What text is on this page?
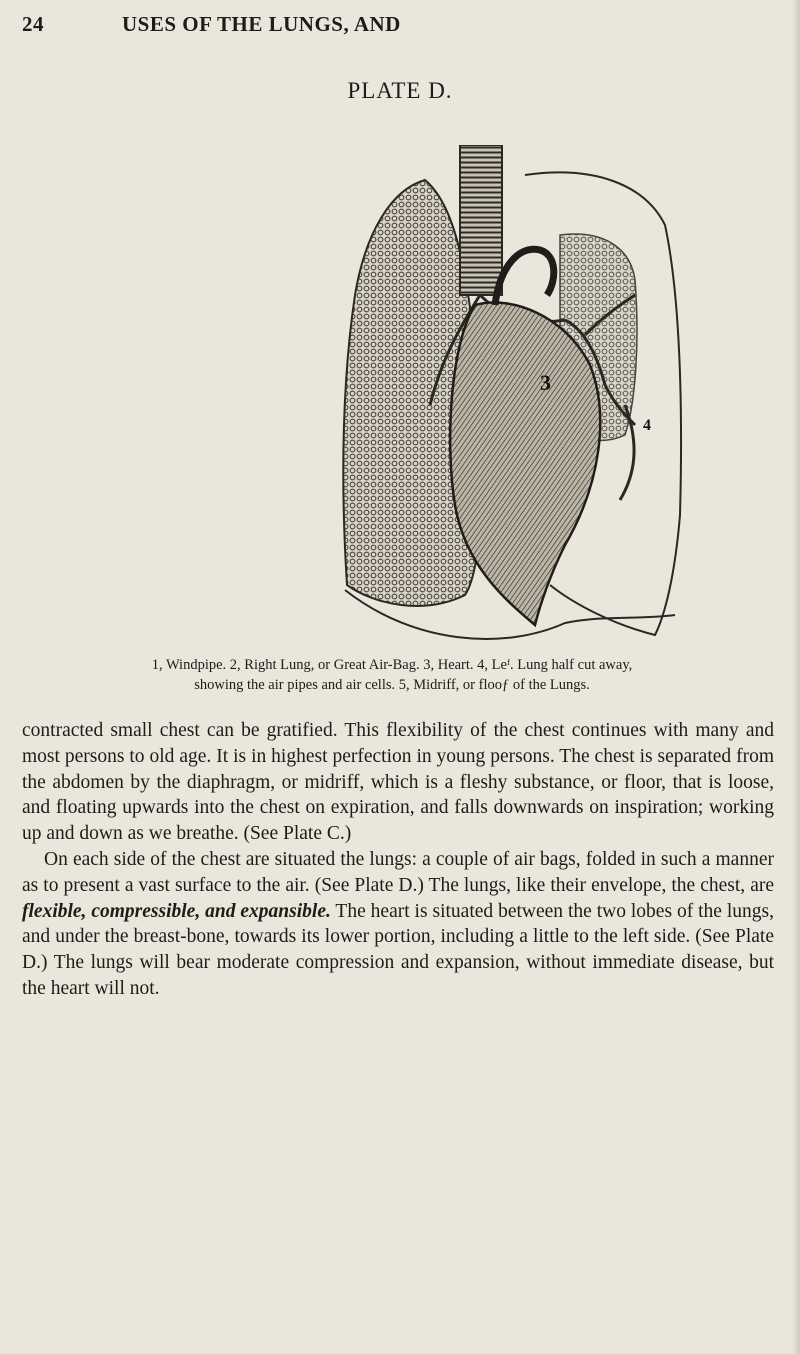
24	USES OF THE LUNGS, AND
PLATE D.
3
4
1, Windpipe. 2, Right Lung, or Great Air-Bag. 3, Heart. 4, Leᶠ. Lung half cut away,
showing the air pipes and air cells. 5, Midriff, or flooƒ of the Lungs.

contracted small chest can be gratified. This flexibility of the chest continues with many and most persons to old age. It is in highest perfection in young persons. The chest is separated from the abdomen by the diaphragm, or midriff, which is a fleshy substance, or floor, that is loose, and floating upwards into the chest on expiration, and falls downwards on inspiration; working up and down as we breathe. (See Plate C.)

On each side of the chest are situated the lungs: a couple of air bags, folded in such a manner as to present a vast surface to the air. (See Plate D.) The lungs, like their envelope, the chest, are flexible, compressible, and expansible. The heart is situated between the two lobes of the lungs, and under the breast-bone, towards its lower portion, including a little to the left side. (See Plate D.) The lungs will bear moderate compression and expansion, without immediate disease, but the heart will not.
